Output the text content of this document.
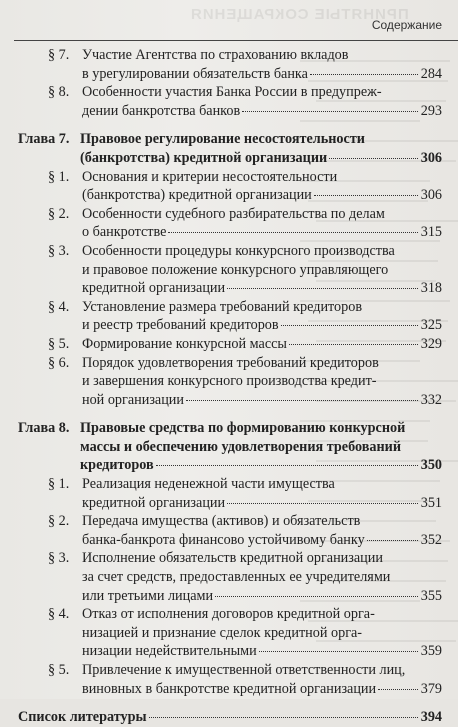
ПРИНЯТЫЕ СОКРАЩЕНИЯ
Содержание
§ 7. Участие Агентства по страхованию вкладов
в урегулировании обязательств банка	284
§ 8. Особенности участия Банка России в предупреж-
дении банкротства банков	293
Глава 7. Правовое регулирование несостоятельности
(банкротства) кредитной организации	306
§ 1. Основания и критерии несостоятельности
(банкротства) кредитной организации	306
§ 2. Особенности судебного разбирательства по делам
о банкротстве	315
§ 3. Особенности процедуры конкурсного производства
и правовое положение конкурсного управляющего
кредитной организации	318
§ 4. Установление размера требований кредиторов
и реестр требований кредиторов	325
§ 5. Формирование конкурсной массы	329
§ 6. Порядок удовлетворения требований кредиторов
и завершения конкурсного производства кредит-
ной организации	332
Глава 8. Правовые средства по формированию конкурсной
массы и обеспечению удовлетворения требований
кредиторов	350
§ 1. Реализация неденежной части имущества
кредитной организации	351
§ 2. Передача имущества (активов) и обязательств
банка-банкрота финансово устойчивому банку	352
§ 3. Исполнение обязательств кредитной организации
за счет средств, предоставленных ее учредителями
или третьими лицами	355
§ 4. Отказ от исполнения договоров кредитной орга-
низацией и признание сделок кредитной орга-
низации недействительными	359
§ 5. Привлечение к имущественной ответственности лиц,
виновных в банкротстве кредитной организации	379
Список литературы	394
